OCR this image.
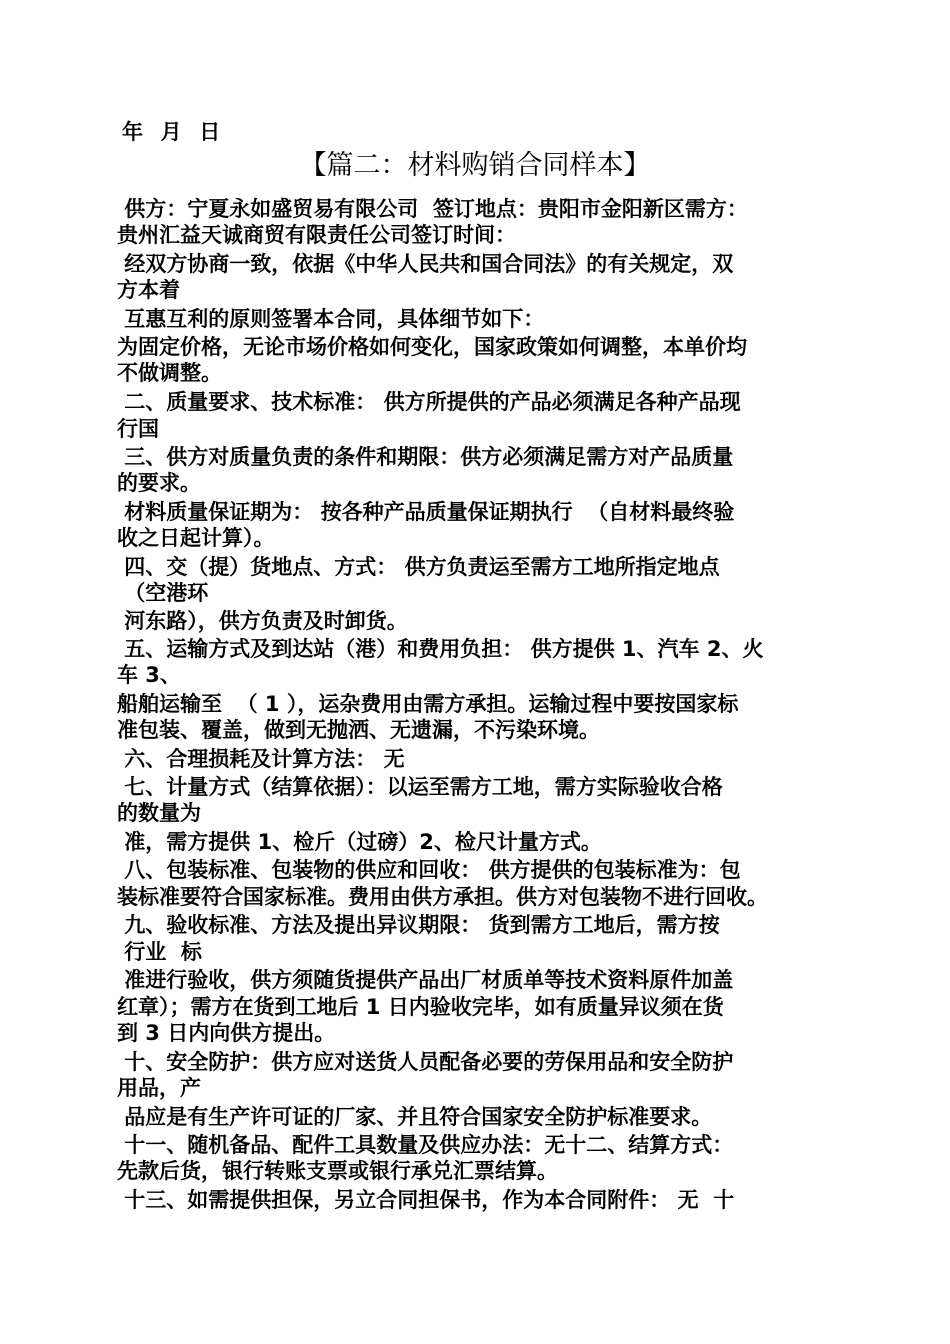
年  月  日
【篇二：材料购销合同样本】
供方：宁夏永如盛贸易有限公司  签订地点：贵阳市金阳新区需方：
贵州汇益天诚商贸有限责任公司签订时间：
经双方协商一致，依据《中华人民共和国合同法》的有关规定，双
方本着
互惠互利的原则签署本合同，具体细节如下：
为固定价格，无论市场价格如何变化，国家政策如何调整，本单价均
不做调整。
二、质量要求、技术标准： 供方所提供的产品必须满足各种产品现
行国
三、供方对质量负责的条件和期限：供方必须满足需方对产品质量
的要求。
材料质量保证期为： 按各种产品质量保证期执行  （自材料最终验
收之日起计算）。
四、交（提）货地点、方式： 供方负责运至需方工地所指定地点
（空港环
河东路），供方负责及时卸货。
五、运输方式及到达站（港）和费用负担： 供方提供 1、汽车 2、火
车 3、
船舶运输至  （ 1 ），运杂费用由需方承担。运输过程中要按国家标
准包装、覆盖，做到无抛洒、无遗漏，不污染环境。
六、合理损耗及计算方法： 无
七、计量方式（结算依据）：以运至需方工地，需方实际验收合格
的数量为
准，需方提供 1、检斤（过磅）2、检尺计量方式。
八、包装标准、包装物的供应和回收： 供方提供的包装标准为：包
装标准要符合国家标准。费用由供方承担。供方对包装物不进行回收。
九、验收标准、方法及提出异议期限： 货到需方工地后，需方按
行业  标
准进行验收，供方须随货提供产品出厂材质单等技术资料原件加盖
红章）；需方在货到工地后 1 日内验收完毕，如有质量异议须在货
到 3 日内向供方提出。
十、安全防护：供方应对送货人员配备必要的劳保用品和安全防护
用品，产
品应是有生产许可证的厂家、并且符合国家安全防护标准要求。
十一、随机备品、配件工具数量及供应办法：无十二、结算方式：
先款后货，银行转账支票或银行承兑汇票结算。
十三、如需提供担保，另立合同担保书，作为本合同附件： 无  十
